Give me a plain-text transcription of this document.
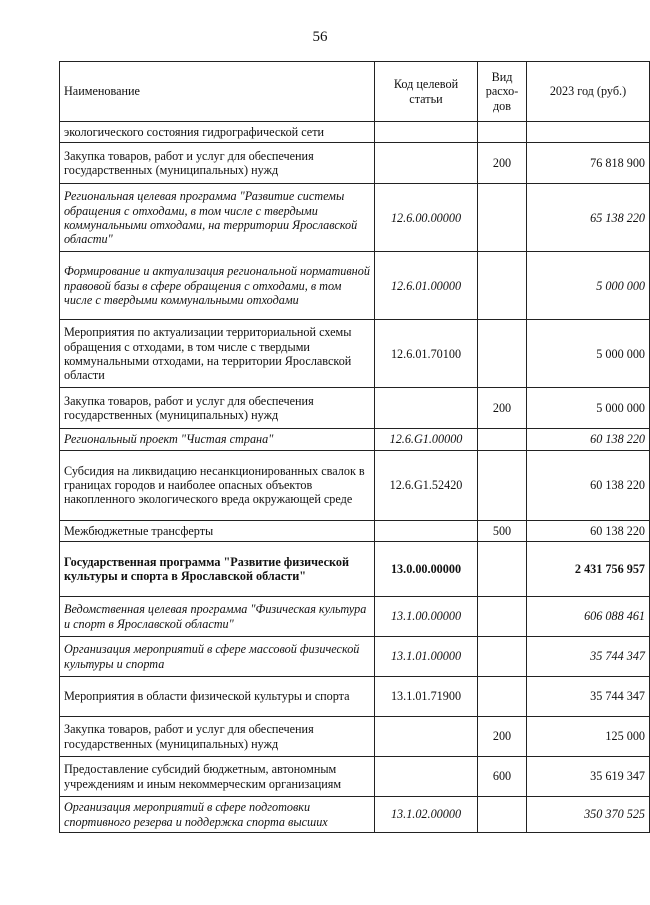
56
Наименование	Код целевой статьи	Вид расхо-дов	2023 год (руб.)
экологического состояния гидрографической сети			
Закупка товаров, работ и услуг для обеспечения государственных (муниципальных) нужд		200	76 818 900
Региональная целевая программа "Развитие системы обращения с отходами, в том числе с твердыми коммунальными отходами, на территории Ярославской области"	12.6.00.00000		65 138 220
Формирование и актуализация региональной нормативной правовой базы в сфере обращения с отходами, в том числе с твердыми коммунальными отходами	12.6.01.00000		5 000 000
Мероприятия по актуализации территориальной схемы обращения с отходами, в том числе с твердыми коммунальными отходами, на территории Ярославской области	12.6.01.70100		5 000 000
Закупка товаров, работ и услуг для обеспечения государственных (муниципальных) нужд		200	5 000 000
Региональный проект "Чистая страна"	12.6.G1.00000		60 138 220
Субсидия на ликвидацию несанкционированных свалок в границах городов и наиболее опасных объектов накопленного экологического вреда окружающей среде	12.6.G1.52420		60 138 220
Межбюджетные трансферты		500	60 138 220
Государственная программа "Развитие физической культуры и спорта в Ярославской области"	13.0.00.00000		2 431 756 957
Ведомственная целевая программа "Физическая культура и спорт в Ярославской области"	13.1.00.00000		606 088 461
Организация мероприятий в сфере массовой физической культуры и спорта	13.1.01.00000		35 744 347
Мероприятия в области физической культуры и спорта	13.1.01.71900		35 744 347
Закупка товаров, работ и услуг для обеспечения государственных (муниципальных) нужд		200	125 000
Предоставление субсидий бюджетным, автономным учреждениям и иным некоммерческим организациям		600	35 619 347
Организация мероприятий в сфере подготовки спортивного резерва и поддержка спорта высших	13.1.02.00000		350 370 525
